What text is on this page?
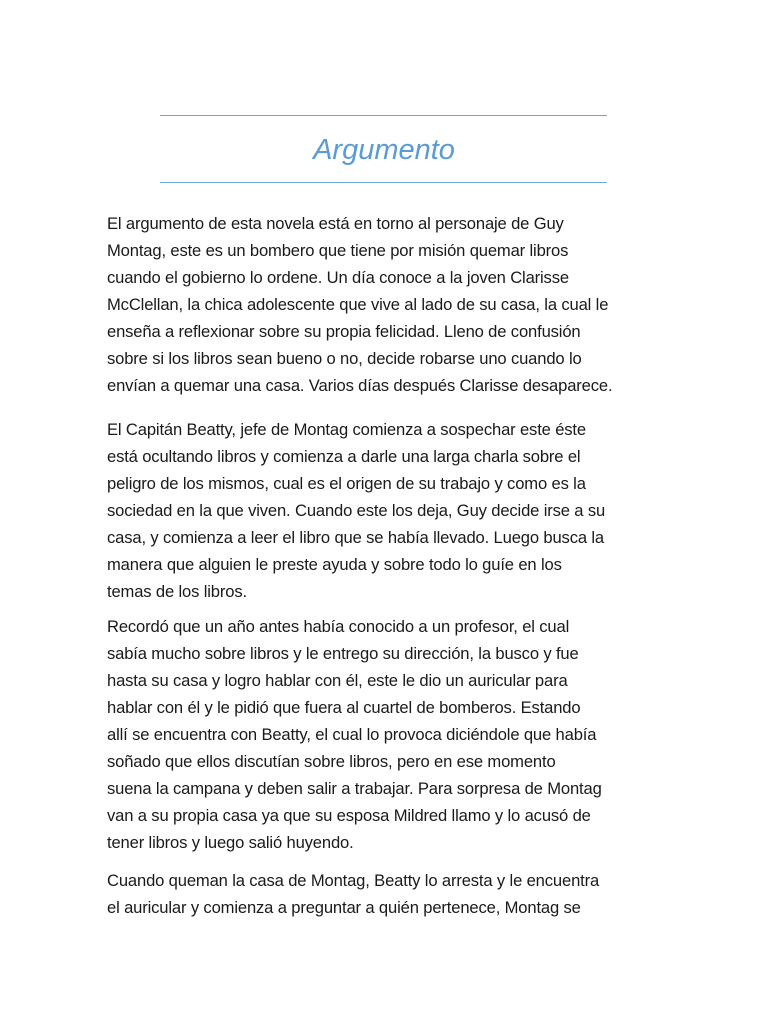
Argumento
El argumento de esta novela está en torno al personaje de Guy
Montag, este es un bombero que tiene por misión quemar libros
cuando el gobierno lo ordene. Un día conoce a la joven Clarisse
McClellan, la chica adolescente que vive al lado de su casa, la cual le
enseña a reflexionar sobre su propia felicidad. Lleno de confusión
sobre si los libros sean bueno o no, decide robarse uno cuando lo
envían a quemar una casa. Varios días después Clarisse desaparece.
El Capitán Beatty, jefe de Montag comienza a sospechar este éste
está ocultando libros y comienza a darle una larga charla sobre el
peligro de los mismos, cual es el origen de su trabajo y como es la
sociedad en la que viven. Cuando este los deja, Guy decide irse a su
casa, y comienza a leer el libro que se había llevado. Luego busca la
manera que alguien le preste ayuda y sobre todo lo guíe en los
temas de los libros.
Recordó que un año antes había conocido a un profesor, el cual
sabía mucho sobre libros y le entrego su dirección, la busco y fue
hasta su casa y logro hablar con él, este le dio un auricular para
hablar con él y le pidió que fuera al cuartel de bomberos. Estando
allí se encuentra con Beatty, el cual lo provoca diciéndole que había
soñado que ellos discutían sobre libros, pero en ese momento
suena la campana y deben salir a trabajar. Para sorpresa de Montag
van a su propia casa ya que su esposa Mildred llamo y lo acusó de
tener libros y luego salió huyendo.
Cuando queman la casa de Montag, Beatty lo arresta y le encuentra
el auricular y comienza a preguntar a quién pertenece, Montag se
